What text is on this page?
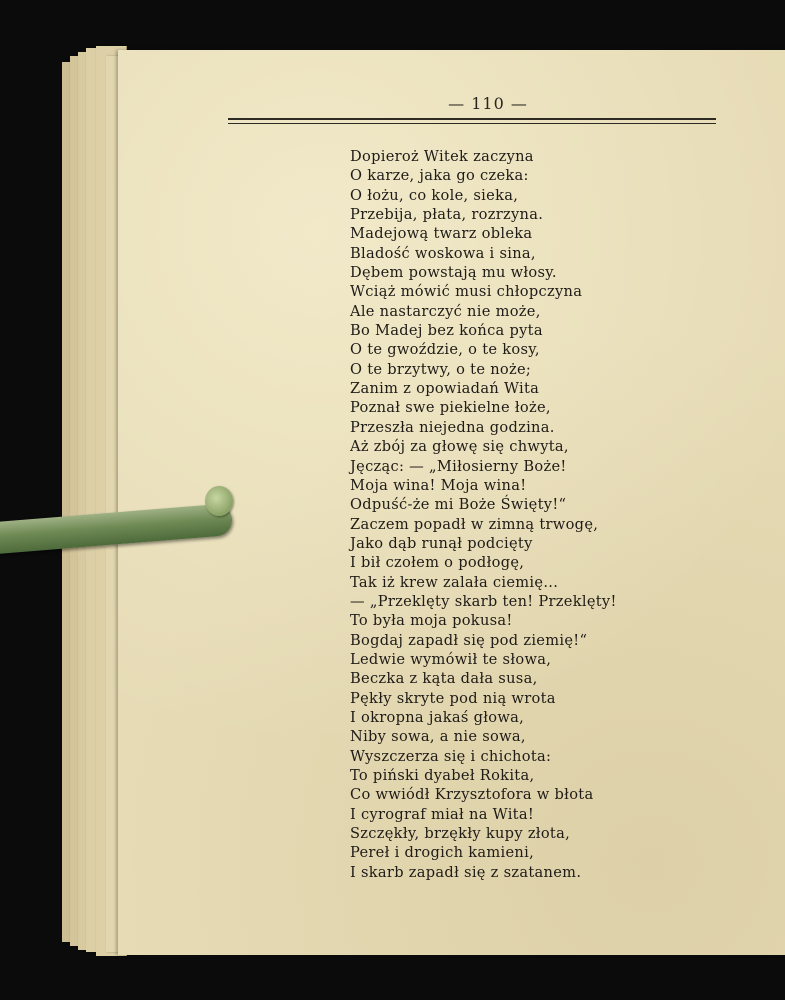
— 110 —
Dopieroż Witek zaczyna
O karze, jaka go czeka:
O łożu, co kole, sieka,
Przebija, płata, rozrzyna.
Madejową twarz obleka
Bladość woskowa i sina,
Dębem powstają mu włosy.
Wciąż mówić musi chłopczyna
Ale nastarczyć nie może,
Bo Madej bez końca pyta
O te gwoździe, o te kosy,
O te brzytwy, o te noże;
Zanim z opowiadań Wita
Poznał swe piekielne łoże,
Przeszła niejedna godzina.
Aż zbój za głowę się chwyta,
Jęcząc: — „Miłosierny Boże!
Moja wina! Moja wina!
Odpuść-że mi Boże Święty!“
Zaczem popadł w zimną trwogę,
Jako dąb runął podcięty
I bił czołem o podłogę,
Tak iż krew zalała ciemię...
— „Przeklęty skarb ten! Przeklęty!
To była moja pokusa!
Bogdaj zapadł się pod ziemię!“
Ledwie wymówił te słowa,
Beczka z kąta dała susa,
Pękły skryte pod nią wrota
I okropna jakaś głowa,
Niby sowa, a nie sowa,
Wyszczerza się i chichota:
To piński dyabeł Rokita,
Co wwiódł Krzysztofora w błota
I cyrograf miał na Wita!
Szczękły, brzękły kupy złota,
Pereł i drogich kamieni,
I skarb zapadł się z szatanem.
